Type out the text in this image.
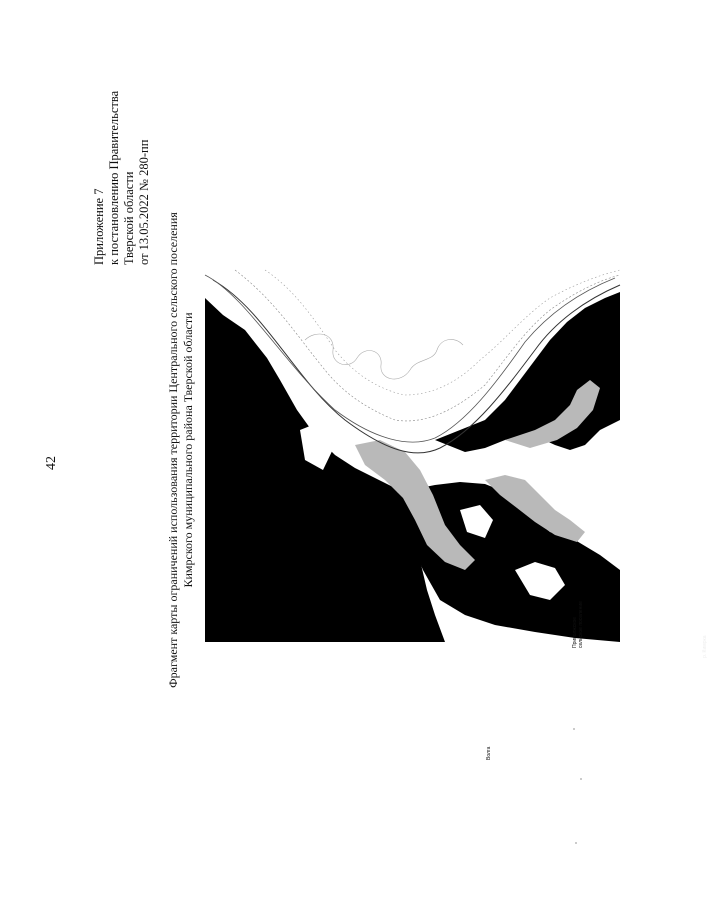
42
Приложение 7 к постановлению Правительства Тверской области от 13.05.2022 № 280-пп
Фрагмент карты ограничений использования территории Центрального сельского поселения Кимрского муниципального района Тверской области
Приволжское сельское поселение
Волга
р. Кимрка
